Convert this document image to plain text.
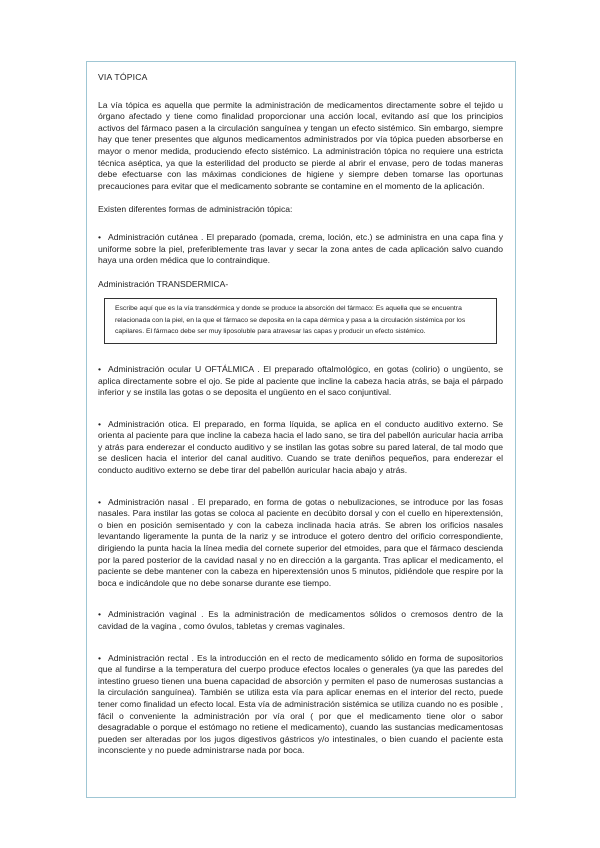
VIA TÓPICA

La vía tópica es aquella que permite la administración de medicamentos directamente sobre el tejido u órgano afectado y tiene como finalidad proporcionar una acción local, evitando así que los principios activos del fármaco pasen a la circulación sanguínea y tengan un efecto sistémico. Sin embargo, siempre hay que tener presentes que algunos medicamentos administrados por vía tópica pueden absorberse en mayor o menor medida, produciendo efecto sistémico. La administración tópica no requiere una estricta técnica aséptica, ya que la esterilidad del producto se pierde al abrir el envase, pero de todas maneras debe efectuarse con las máximas condiciones de higiene y siempre deben tomarse las oportunas precauciones para evitar que el medicamento sobrante se contamine en el momento de la aplicación.

Existen diferentes formas de administración tópica:

• Administración cutánea . El preparado (pomada, crema, loción, etc.) se administra en una capa fina y uniforme sobre la piel, preferiblemente tras lavar y secar la zona antes de cada aplicación salvo cuando haya una orden médica que lo contraindique.

Administración TRANSDERMICA-

Escribe aquí que es la vía transdérmica y donde se produce la absorción del fármaco: Es aquella que se encuentra relacionada con la piel, en la que el fármaco se deposita en la capa dérmica y pasa a la circulación sistémica por los capilares. El fármaco debe ser muy liposoluble para atravesar las capas y producir un efecto sistémico.

• Administración ocular U OFTÁLMICA . El preparado oftalmológico, en gotas (colirio) o ungüento, se aplica directamente sobre el ojo. Se pide al paciente que incline la cabeza hacia atrás, se baja el párpado inferior y se instila las gotas o se deposita el ungüento en el saco conjuntival.

• Administración otica. El preparado, en forma líquida, se aplica en el conducto auditivo externo. Se orienta al paciente para que incline la cabeza hacia el lado sano, se tira del pabellón auricular hacia arriba y atrás para enderezar el conducto auditivo y se instilan las gotas sobre su pared lateral, de tal modo que se deslicen hacia el interior del canal auditivo. Cuando se trate deniños pequeños, para enderezar el conducto auditivo externo se debe tirar del pabellón auricular hacia abajo y atrás.

• Administración nasal . El preparado, en forma de gotas o nebulizaciones, se introduce por las fosas nasales. Para instilar las gotas se coloca al paciente en decúbito dorsal y con el cuello en hiperextensión, o bien en posición semisentado y con la cabeza inclinada hacia atrás. Se abren los orificios nasales levantando ligeramente la punta de la nariz y se introduce el gotero dentro del orificio correspondiente, dirigiendo la punta hacia la línea media del cornete superior del etmoides, para que el fármaco descienda por la pared posterior de la cavidad nasal y no en dirección a la garganta. Tras aplicar el medicamento, el paciente se debe mantener con la cabeza en hiperextensión unos 5 minutos, pidiéndole que respire por la boca e indicándole que no debe sonarse durante ese tiempo.

• Administración vaginal . Es la administración de medicamentos sólidos o cremosos dentro de la cavidad de la vagina , como óvulos, tabletas y cremas vaginales.

• Administración rectal . Es la introducción en el recto de medicamento sólido en forma de supositorios que al fundirse a la temperatura del cuerpo produce efectos locales o generales (ya que las paredes del intestino grueso tienen una buena capacidad de absorción y permiten el paso de numerosas sustancias a la circulación sanguínea). También se utiliza esta vía para aplicar enemas en el interior del recto, puede tener como finalidad un efecto local. Esta vía de administración sistémica se utiliza cuando no es posible , fácil o conveniente la administración por vía oral ( por que el medicamento tiene olor o sabor desagradable o porque el estómago no retiene el medicamento), cuando las sustancias medicamentosas pueden ser alteradas por los jugos digestivos gástricos y/o intestinales, o bien cuando el paciente esta inconsciente y no puede administrarse nada por boca.
